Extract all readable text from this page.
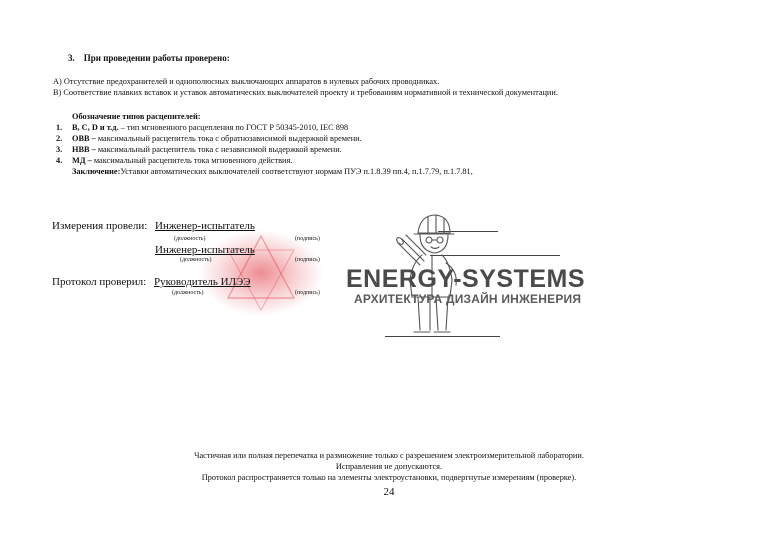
3. При проведении работы проверено:
А) Отсутствие предохранителей и однополюсных выключающих аппаратов в нулевых рабочих проводниках.
В) Соответствие плавких вставок и уставок автоматических выключателей проекту и требованиям нормативной и технической документации.
Обозначение типов расцепителей:
1. B, C, D и т.д. – тип мгновенного расцепления по ГОСТ Р 50345-2010, IEC 898
2. ОВВ – максимальный расцепитель тока с обратнозависимой выдержкой времени.
3. НВВ – максимальный расцепитель тока с независимой выдержкой времени.
4. МД – максимальный расцепитель тока мгновенного действия.
Заключение:Уставки автоматических выключателей соответствуют нормам ПУЭ п.1.8.39 пп.4, п.1.7.79, п.1.7.81,
Измерения провели: Инженер-испытатель
(должность)	(подпись)
Инженер-испытатель
(должность)	(подпись)
Протокол проверил: Руководитель ИЛЭЭ
(должность)	(подпись) ENERGY-SYSTEMS
АРХИТЕКТУРА ДИЗАЙН ИНЖЕНЕРИЯ
Частичная или полная перепечатка и размножение только с разрешением электроизмерительной лаборатории.
Исправления не допускаются.
Протокол распространяется только на элементы электроустановки, подвергнутые измерениям (проверке).
24
